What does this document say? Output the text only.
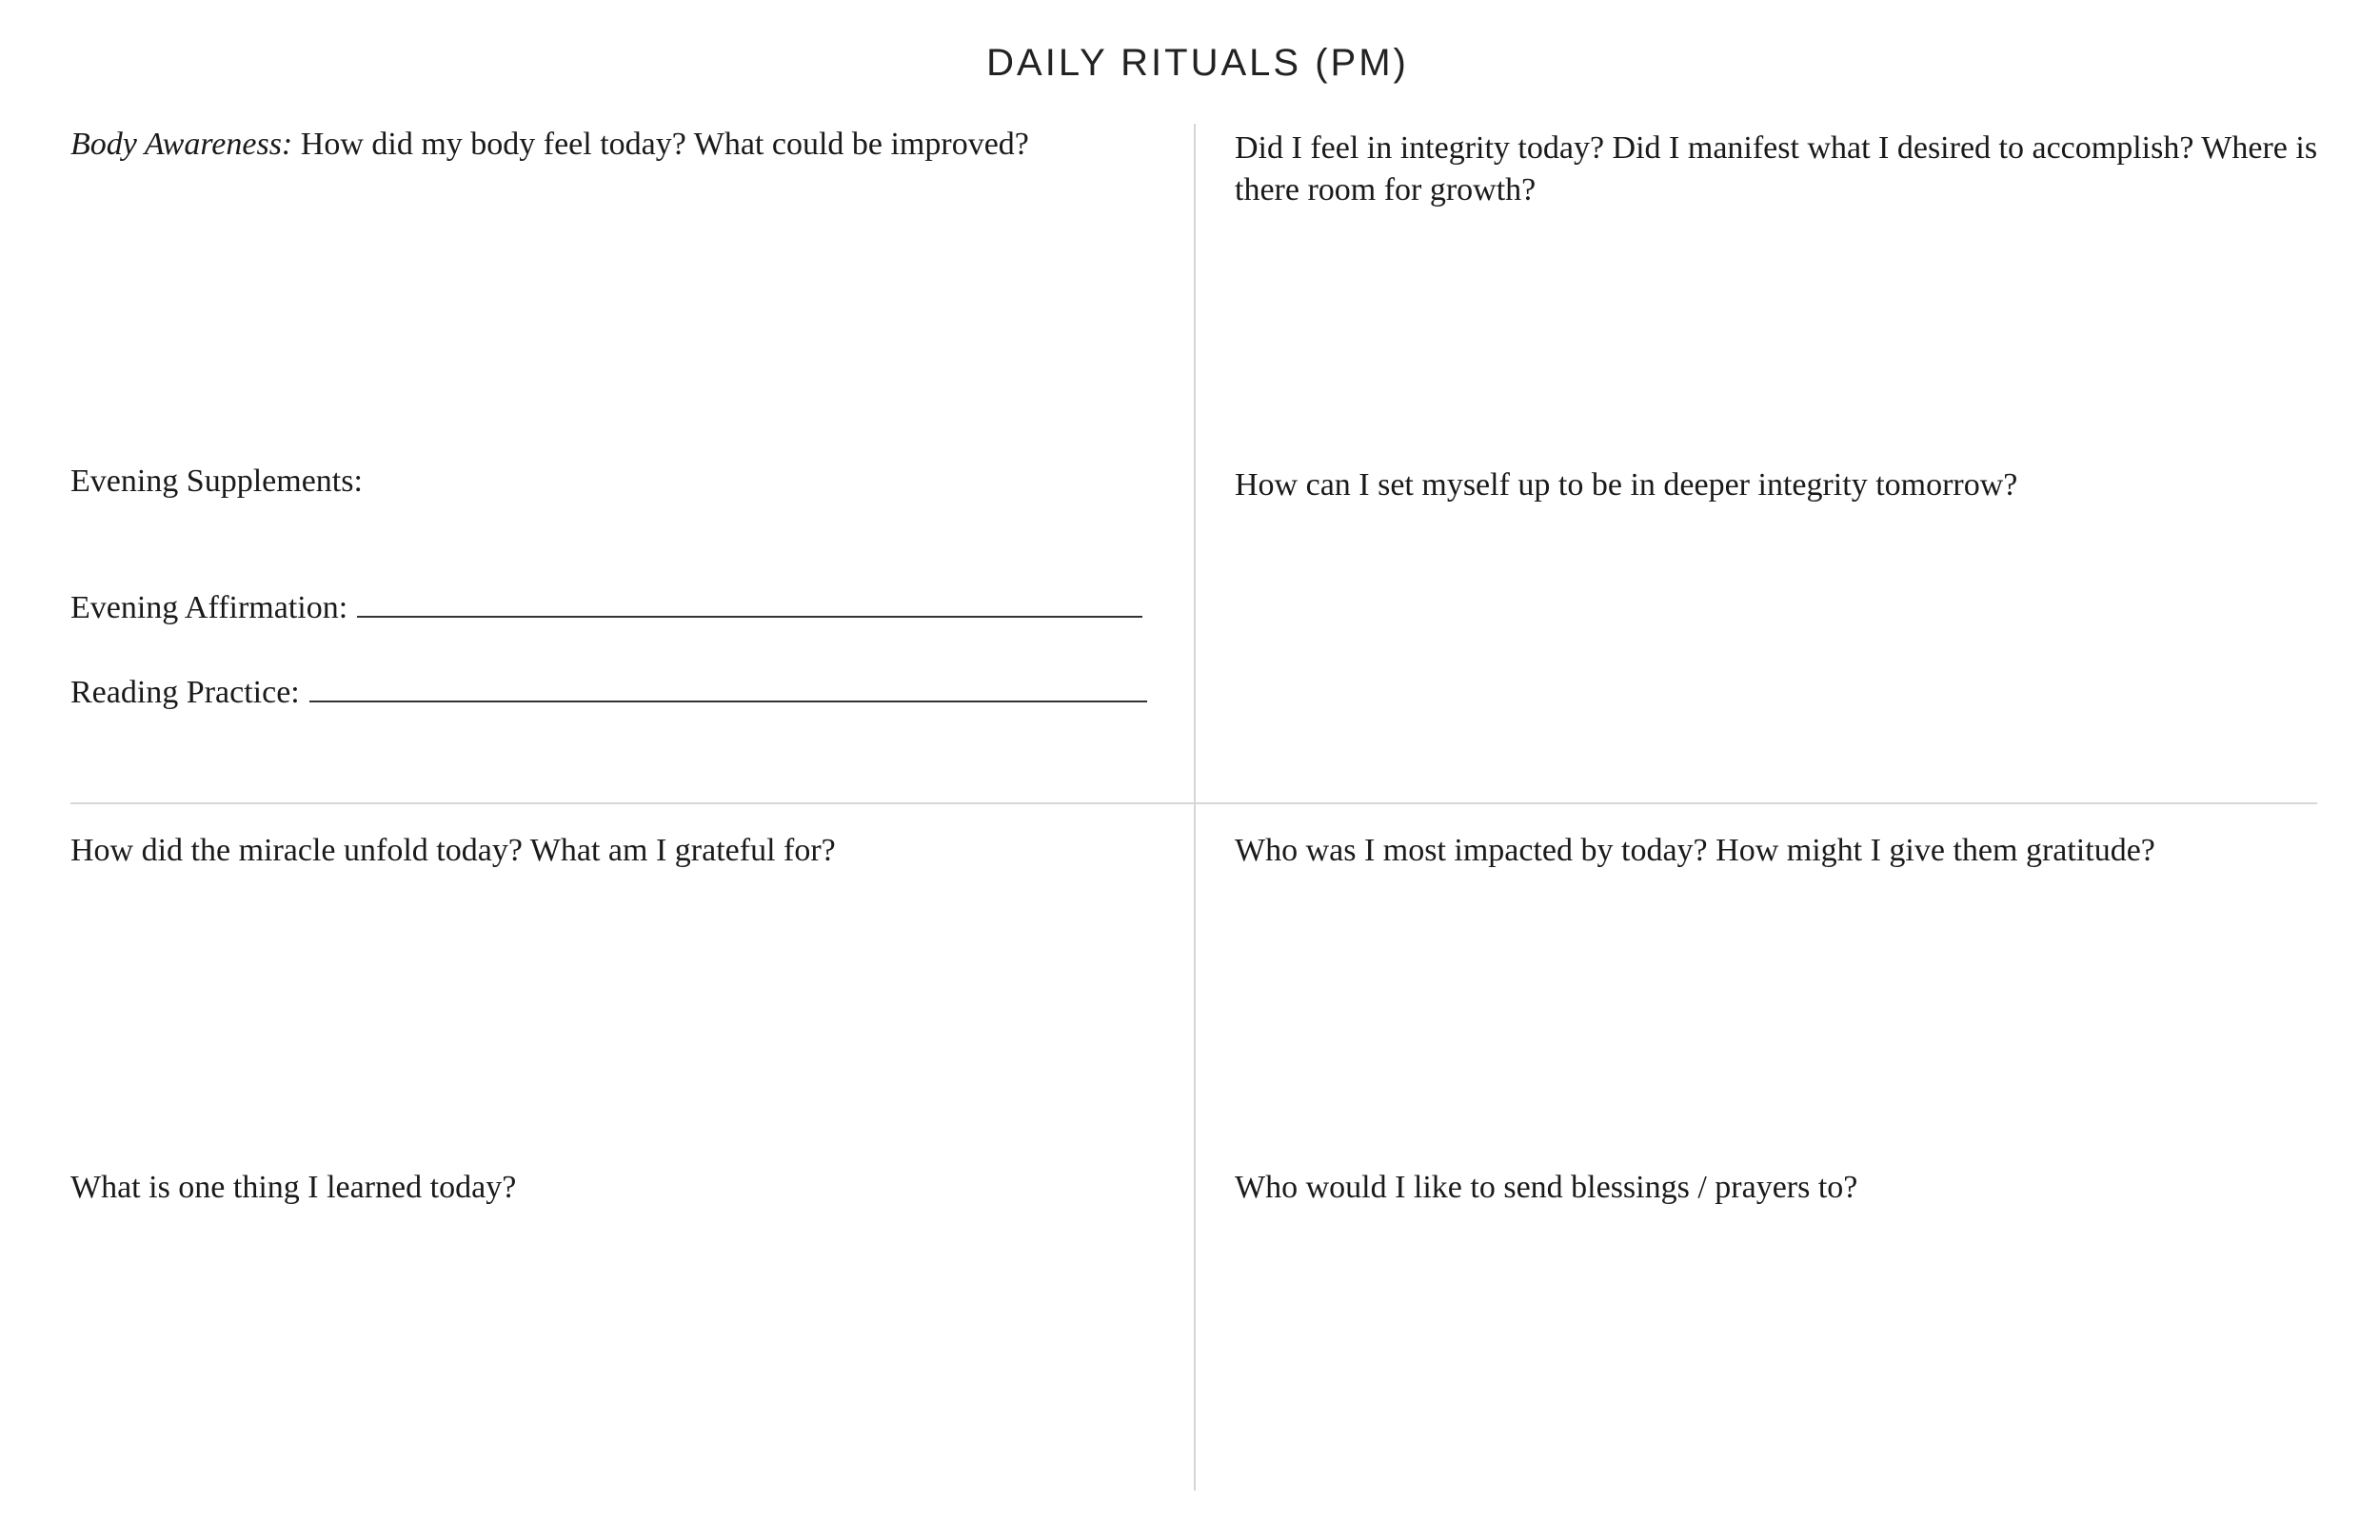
DAILY RITUALS (PM)

Body Awareness: How did my body feel today? What could be improved?

Evening Supplements:

Evening Affirmation:
Reading Practice:

Did I feel in integrity today? Did I manifest what I desired to accomplish? Where is there room for growth?

How can I set myself up to be in deeper integrity tomorrow?

How did the miracle unfold today? What am I grateful for?

What is one thing I learned today?

Who was I most impacted by today? How might I give them gratitude?

Who would I like to send blessings / prayers to?
